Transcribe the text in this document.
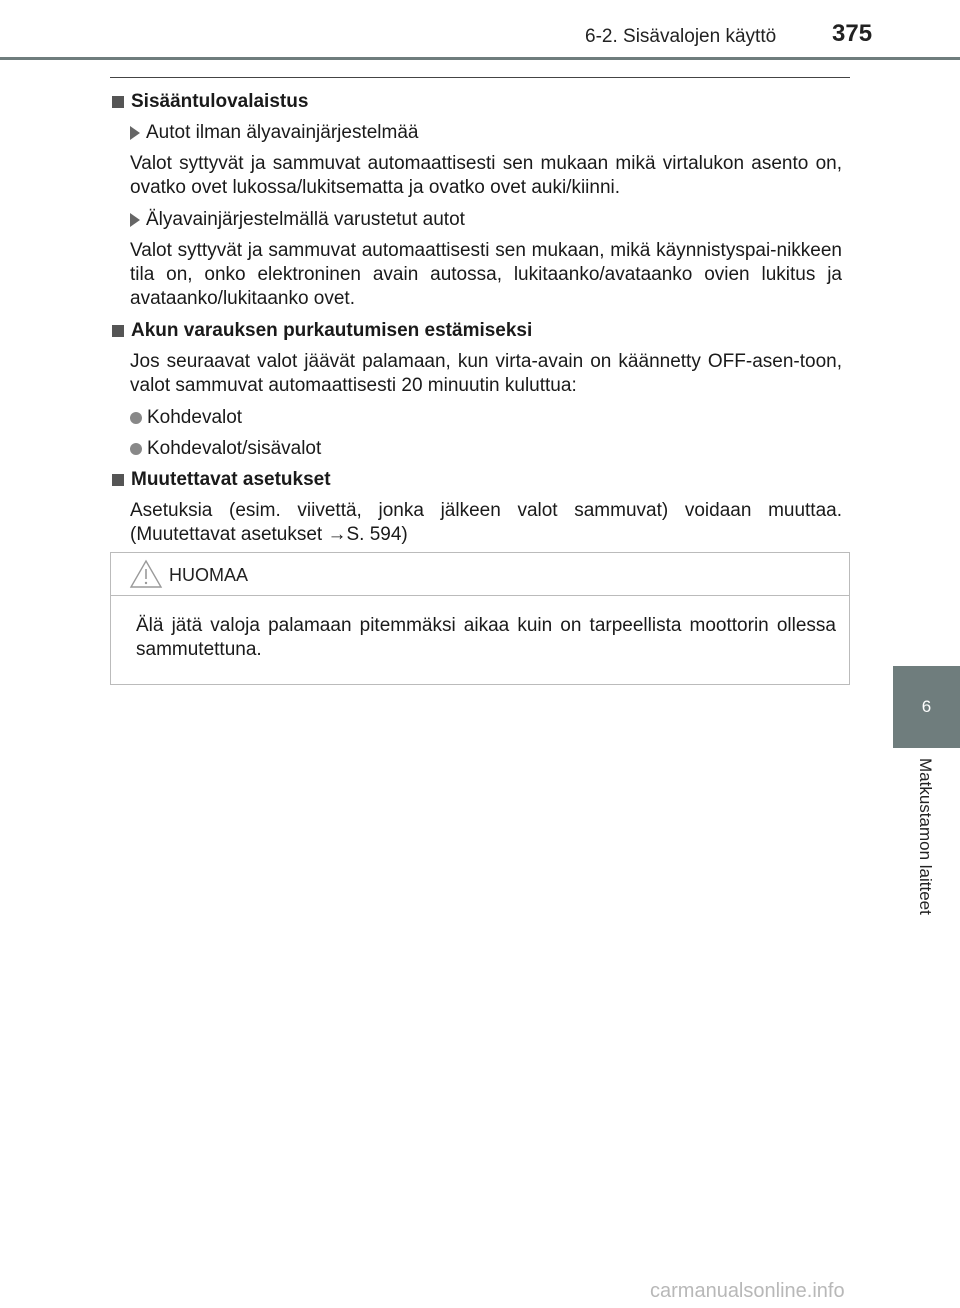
6-2. Sisävalojen käyttö 375
6
Matkustamon laitteet
Sisääntulovalaistus
Autot ilman älyavainjärjestelmää
Valot syttyvät ja sammuvat automaattisesti sen mukaan mikä virtalukon asento on, ovatko ovet lukossa/lukitsematta ja ovatko ovet auki/kiinni.
Älyavainjärjestelmällä varustetut autot
Valot syttyvät ja sammuvat automaattisesti sen mukaan, mikä käynnistyspai-nikkeen tila on, onko elektroninen avain autossa, lukitaanko/avataanko ovien lukitus ja avataanko/lukitaanko ovet.
Akun varauksen purkautumisen estämiseksi
Jos seuraavat valot jäävät palamaan, kun virta-avain on käännetty OFF-asen-toon, valot sammuvat automaattisesti 20 minuutin kuluttua:
Kohdevalot
Kohdevalot/sisävalot
Muutettavat asetukset
Asetuksia (esim. viivettä, jonka jälkeen valot sammuvat) voidaan muuttaa. (Muutettavat asetukset →S. 594)
HUOMAA
Älä jätä valoja palamaan pitemmäksi aikaa kuin on tarpeellista moottorin ollessa sammutettuna.
carmanualsonline.info
